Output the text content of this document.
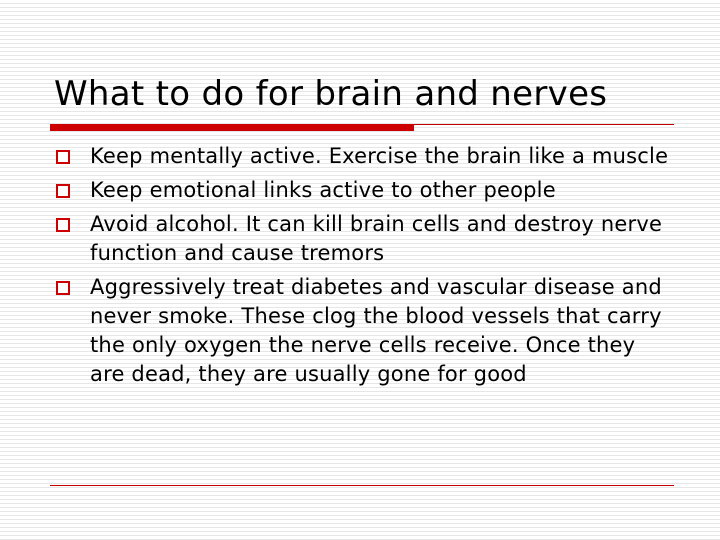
What to do for brain and nerves
Keep mentally active. Exercise the brain like a muscle
Keep emotional links active to other people
Avoid alcohol. It can kill brain cells and destroy nerve function and cause tremors
Aggressively treat diabetes and vascular disease and never smoke. These clog the blood vessels that carry the only oxygen the nerve cells receive. Once they are dead, they are usually gone for good
